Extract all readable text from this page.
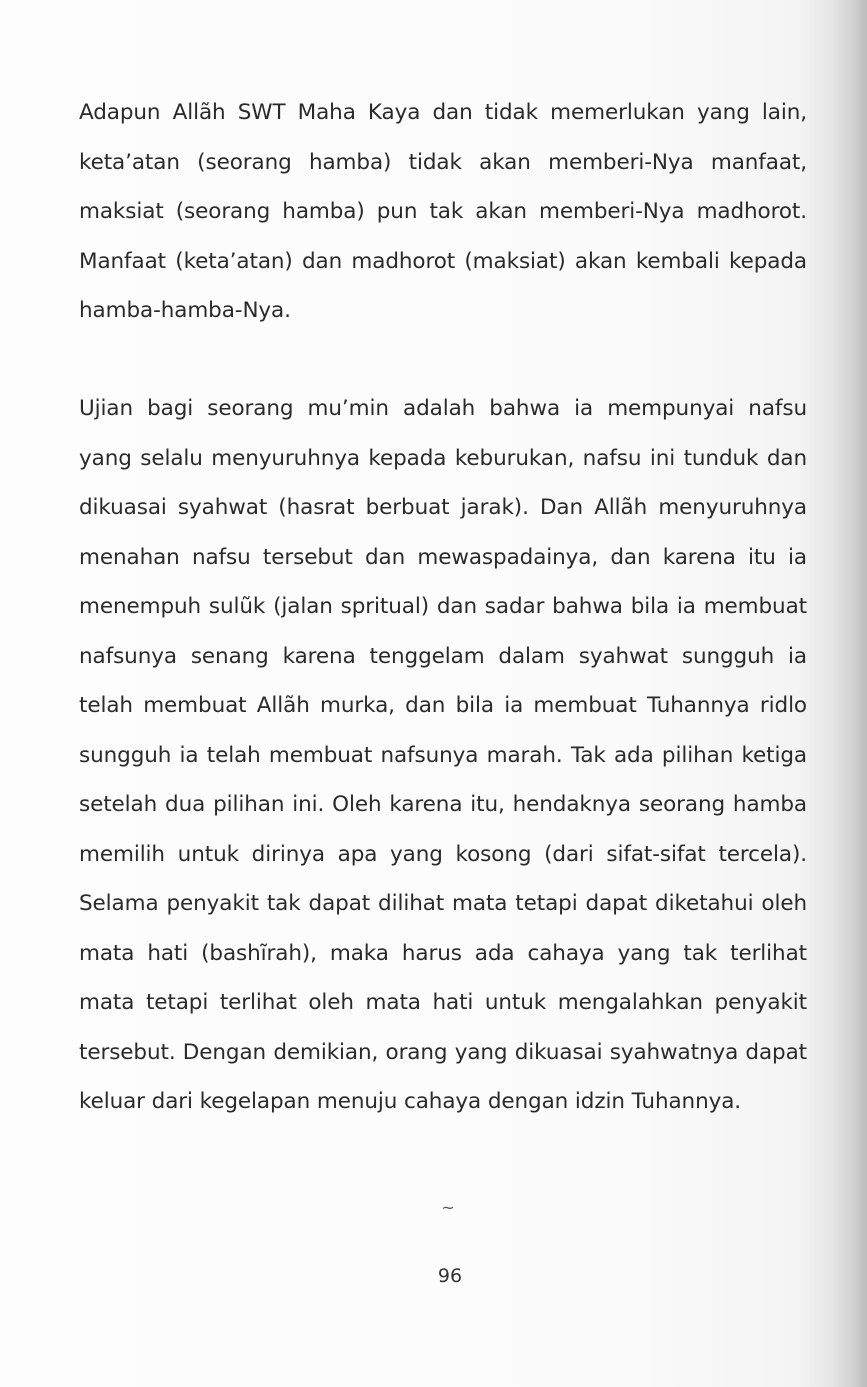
Adapun Allãh SWT Maha Kaya dan tidak memerlukan yang lain, keta’atan (seorang hamba) tidak akan memberi-Nya manfaat, maksiat (seorang hamba) pun tak akan memberi-Nya madhorot. Manfaat (keta’atan) dan madhorot (maksiat) akan kembali kepada hamba-hamba-Nya.

Ujian bagi seorang mu’min adalah bahwa ia mempunyai nafsu yang selalu menyuruhnya kepada keburukan, nafsu ini tunduk dan dikuasai syahwat (hasrat berbuat jarak). Dan Allãh menyuruhnya menahan nafsu tersebut dan mewaspadainya, dan karena itu ia menempuh sulũk (jalan spritual) dan sadar bahwa bila ia membuat nafsunya senang karena tenggelam dalam syahwat sungguh ia telah membuat Allãh murka, dan bila ia membuat Tuhannya ridlo sungguh ia telah membuat nafsunya marah. Tak ada pilihan ketiga setelah dua pilihan ini. Oleh karena itu, hendaknya seorang hamba memilih untuk dirinya apa yang kosong (dari sifat-sifat tercela). Selama penyakit tak dapat dilihat mata tetapi dapat diketahui oleh mata hati (bashĩrah), maka harus ada cahaya yang tak terlihat mata tetapi terlihat oleh mata hati untuk mengalahkan penyakit tersebut. Dengan demikian, orang yang dikuasai syahwatnya dapat keluar dari kegelapan menuju cahaya dengan idzin Tuhannya.

~
96
